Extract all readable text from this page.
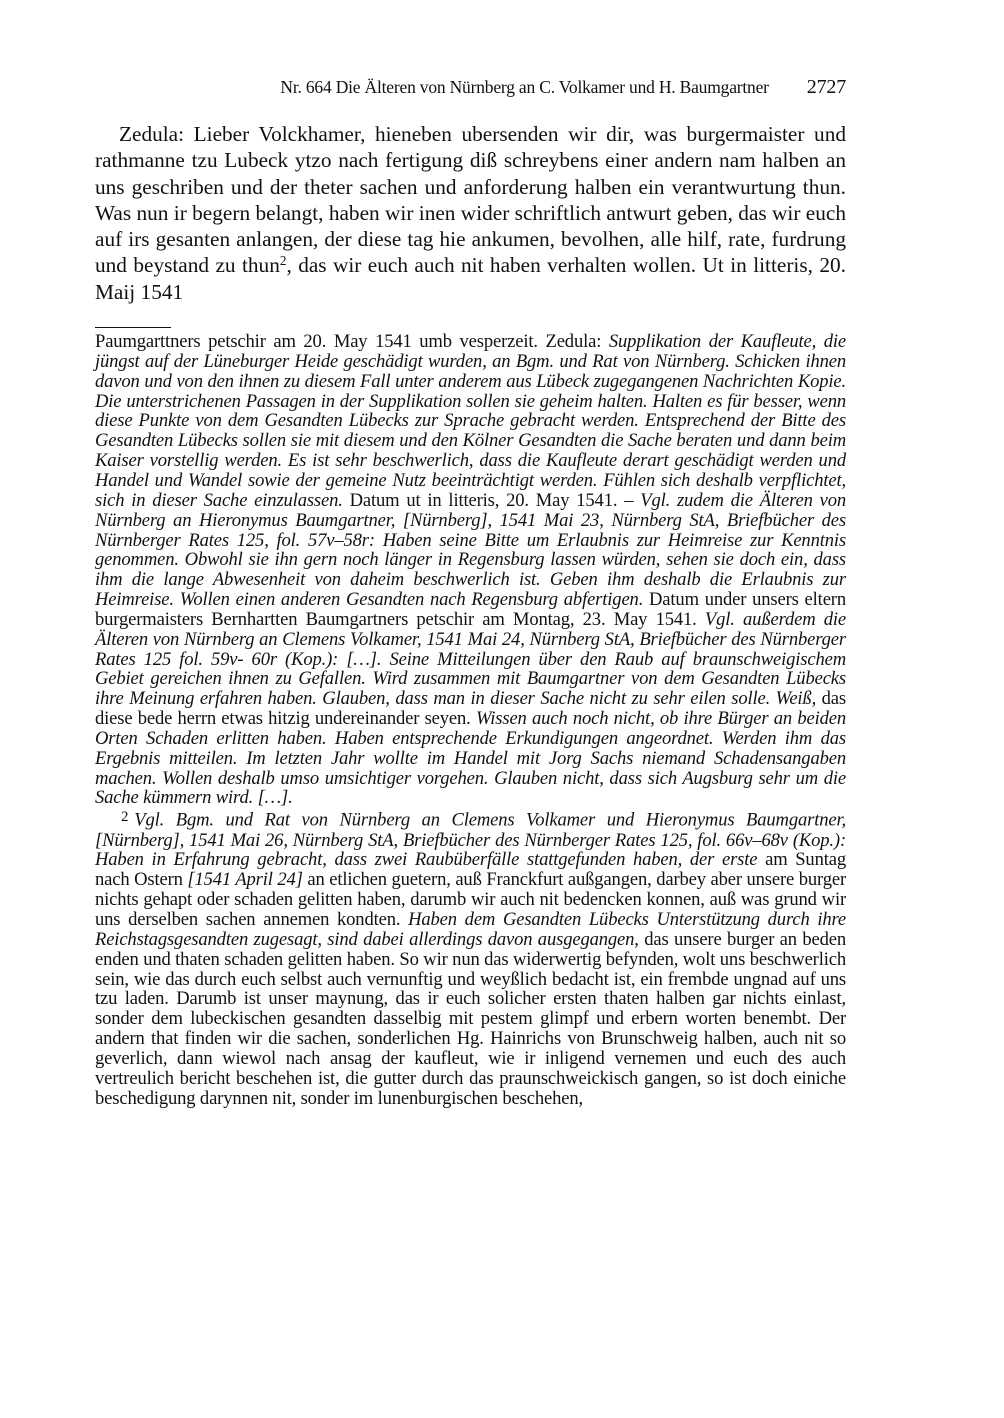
Nr. 664 Die Älteren von Nürnberg an C. Volkamer und H. Baumgartner 2727

Zedula: Lieber Volckhamer, hieneben ubersenden wir dir, was burgermaister und rathmanne tzu Lubeck ytzo nach fertigung diß schreybens einer andern nam halben an uns geschriben und der theter sachen und anforderung halben ein verantwurtung thun. Was nun ir begern belangt, haben wir inen wider schriftlich antwurt geben, das wir euch auf irs gesanten anlangen, der diese tag hie ankumen, bevolhen, alle hilf, rate, furdrung und beystand zu thun$^2$, das wir euch auch nit haben verhalten wollen. Ut in litteris, 20. Maij 1541

Paumgarttners petschir am 20. May 1541 umb vesperzeit. Zedula: Supplikation der Kaufleute, die jüngst auf der Lüneburger Heide geschädigt wurden, an Bgm. und Rat von Nürnberg. Schicken ihnen davon und von den ihnen zu diesem Fall unter anderem aus Lübeck zugegangenen Nachrichten Kopie. Die unterstrichenen Passagen in der Supplikation sollen sie geheim halten. Halten es für besser, wenn diese Punkte von dem Gesandten Lübecks zur Sprache gebracht werden. Entsprechend der Bitte des Gesandten Lübecks sollen sie mit diesem und den Kölner Gesandten die Sache beraten und dann beim Kaiser vorstellig werden. Es ist sehr beschwerlich, dass die Kaufleute derart geschädigt werden und Handel und Wandel sowie der gemeine Nutz beeinträchtigt werden. Fühlen sich deshalb verpflichtet, sich in dieser Sache einzulassen. Datum ut in litteris, 20. May 1541. – Vgl. zudem die Älteren von Nürnberg an Hieronymus Baumgartner, [Nürnberg], 1541 Mai 23, Nürnberg StA, Briefbücher des Nürnberger Rates 125, fol. 57v–58r: Haben seine Bitte um Erlaubnis zur Heimreise zur Kenntnis genommen. Obwohl sie ihn gern noch länger in Regensburg lassen würden, sehen sie doch ein, dass ihm die lange Abwesenheit von daheim beschwerlich ist. Geben ihm deshalb die Erlaubnis zur Heimreise. Wollen einen anderen Gesandten nach Regensburg abfertigen. Datum under unsers eltern burgermaisters Bernhartten Baumgartners petschir am Montag, 23. May 1541. Vgl. außerdem die Älteren von Nürnberg an Clemens Volkamer, 1541 Mai 24, Nürnberg StA, Briefbücher des Nürnberger Rates 125 fol. 59v- 60r (Kop.): […]. Seine Mitteilungen über den Raub auf braunschweigischem Gebiet gereichen ihnen zu Gefallen. Wird zusammen mit Baumgartner von dem Gesandten Lübecks ihre Meinung erfahren haben. Glauben, dass man in dieser Sache nicht zu sehr eilen solle. Weiß, das diese bede herrn etwas hitzig undereinander seyen. Wissen auch noch nicht, ob ihre Bürger an beiden Orten Schaden erlitten haben. Haben entsprechende Erkundigungen angeordnet. Werden ihm das Ergebnis mitteilen. Im letzten Jahr wollte im Handel mit Jorg Sachs niemand Schadensangaben machen. Wollen deshalb umso umsichtiger vorgehen. Glauben nicht, dass sich Augsburg sehr um die Sache kümmern wird. […].

$^2$ Vgl. Bgm. und Rat von Nürnberg an Clemens Volkamer und Hieronymus Baumgartner, [Nürnberg], 1541 Mai 26, Nürnberg StA, Briefbücher des Nürnberger Rates 125, fol. 66v–68v (Kop.): Haben in Erfahrung gebracht, dass zwei Raubüberfälle stattgefunden haben, der erste am Suntag nach Ostern [1541 April 24] an etlichen guetern, auß Franckfurt außgangen, darbey aber unsere burger nichts gehapt oder schaden gelitten haben, darumb wir auch nit bedencken konnen, auß was grund wir uns derselben sachen annemen kondten. Haben dem Gesandten Lübecks Unterstützung durch ihre Reichstagsgesandten zugesagt, sind dabei allerdings davon ausgegangen, das unsere burger an beden enden und thaten schaden gelitten haben. So wir nun das widerwertig befynden, wolt uns beschwerlich sein, wie das durch euch selbst auch vernunftig und weyßlich bedacht ist, ein frembde ungnad auf uns tzu laden. Darumb ist unser maynung, das ir euch solicher ersten thaten halben gar nichts einlast, sonder dem lubeckischen gesandten dasselbig mit pestem glimpf und erbern worten benembt. Der andern that finden wir die sachen, sonderlichen Hg. Hainrichs von Brunschweig halben, auch nit so geverlich, dann wiewol nach ansag der kaufleut, wie ir inligend vernemen und euch des auch vertreulich bericht beschehen ist, die gutter durch das praunschweickisch gangen, so ist doch einiche beschedigung darynnen nit, sonder im lunenburgischen beschehen,
